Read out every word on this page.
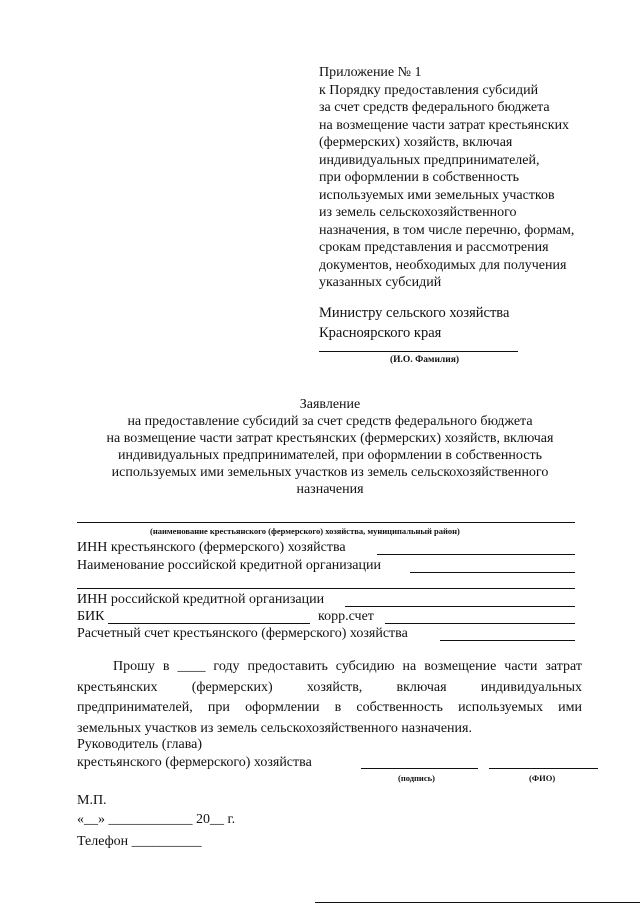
Приложение № 1
к Порядку предоставления субсидий
за счет средств федерального бюджета
на возмещение части затрат крестьянских
(фермерских) хозяйств, включая
индивидуальных предпринимателей,
при оформлении в собственность
используемых ими земельных участков
из земель сельскохозяйственного
назначения, в том числе перечню, формам,
срокам представления и рассмотрения
документов, необходимых для получения
указанных субсидий
Министру сельского хозяйства
Красноярского края
(И.О. Фамилия)
Заявление
на предоставление субсидий за счет средств федерального бюджета
на возмещение части затрат крестьянских (фермерских) хозяйств, включая
индивидуальных предпринимателей, при оформлении в собственность
используемых ими земельных участков из земель сельскохозяйственного
назначения
(наименование крестьянского (фермерского) хозяйства, муниципальный район)
ИНН крестьянского (фермерского) хозяйства
Наименование российской кредитной организации
ИНН российской кредитной организации
БИК	корр.счет
Расчетный счет крестьянского (фермерского) хозяйства
Прошу в ____ году предоставить субсидию на возмещение части затрат
крестьянских (фермерских) хозяйств, включая индивидуальных
предпринимателей, при оформлении в собственность используемых ими
земельных участков из земель сельскохозяйственного назначения.
Руководитель (глава)
крестьянского (фермерского) хозяйства
(подпись)	(ФИО)
М.П.
«__» ____________ 20__ г.
Телефон __________
